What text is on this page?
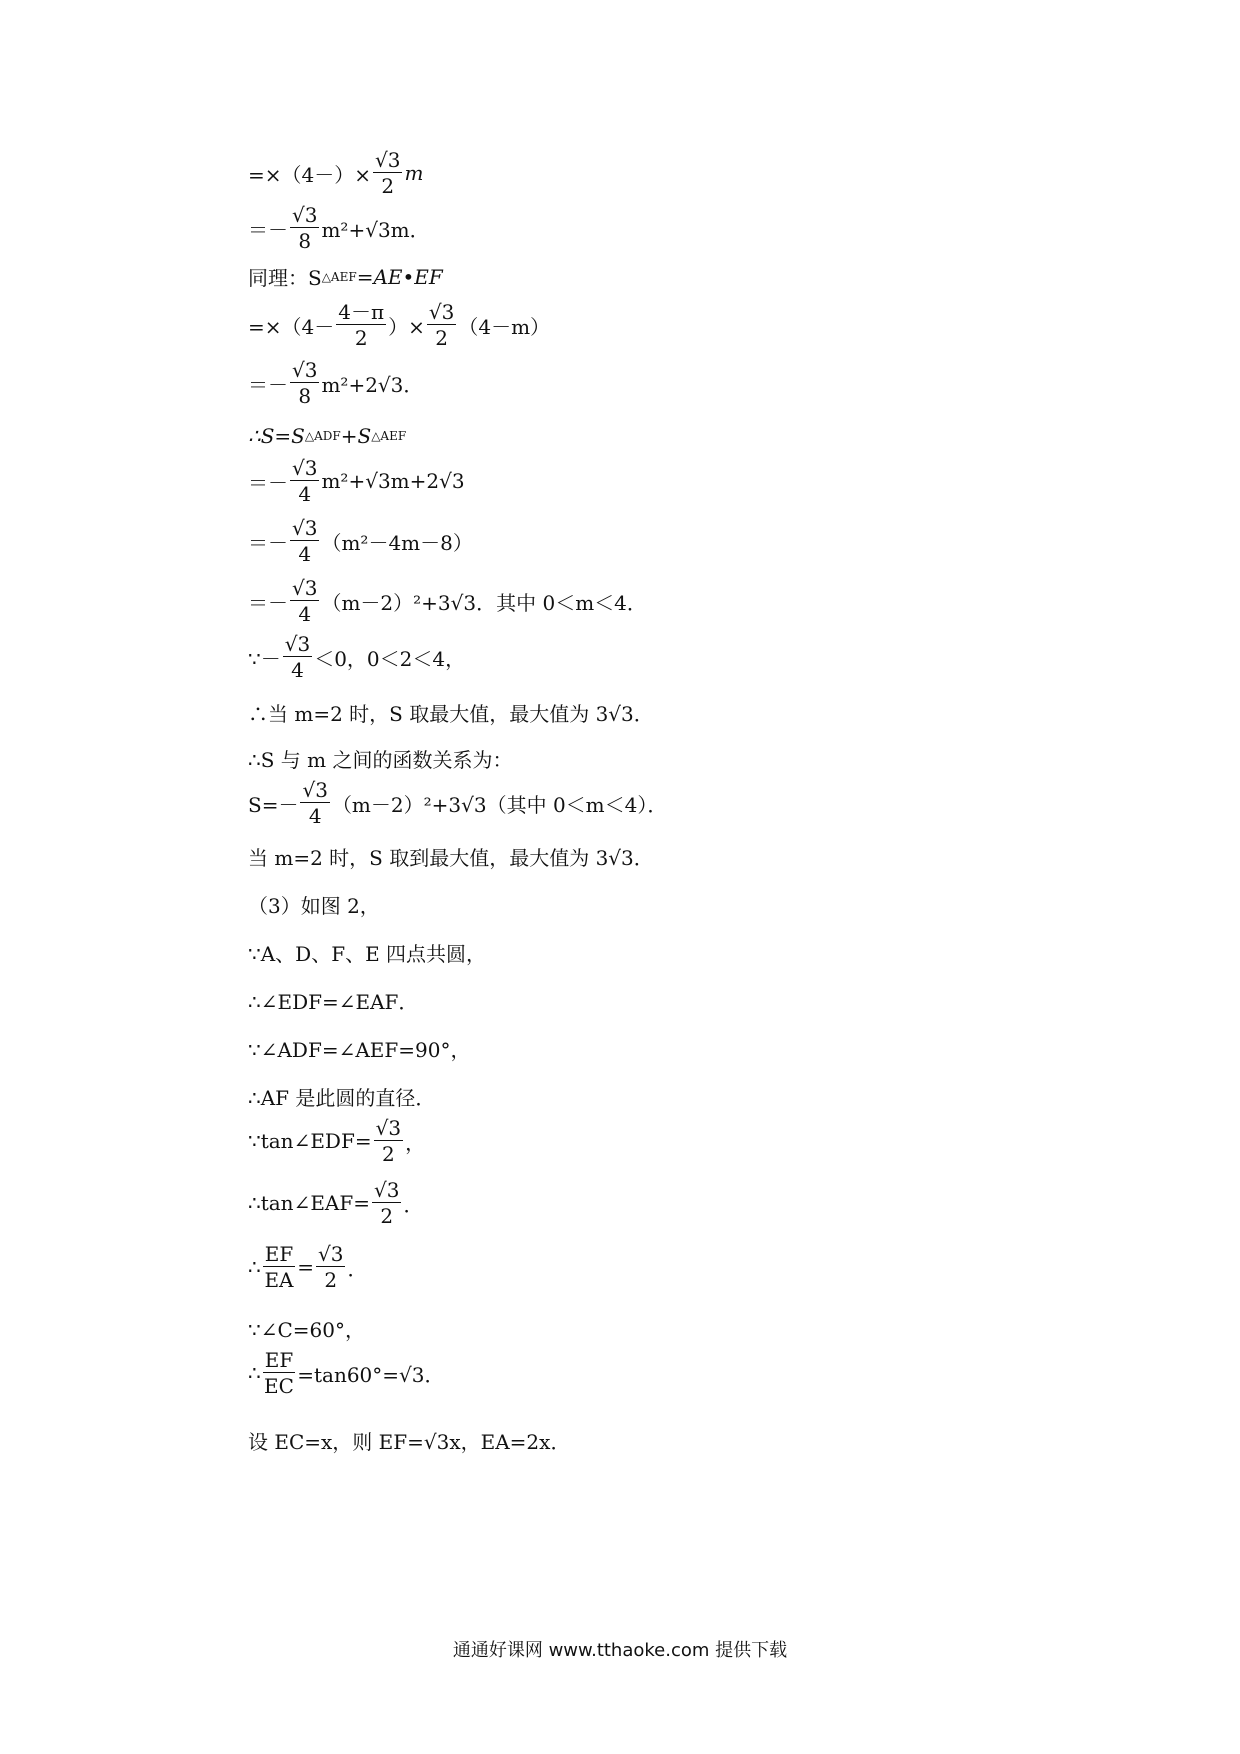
$=\times(4-)\times \frac{√3}{2}$ m
＝－ $\frac{√3}{8} m^2+√3m$．
同理：S △AEF =AE•EF
$=\times(4- \frac{4-\pi}{2}$ ）× $\frac{√3}{2} (4-m)$
＝－ $\frac{√3}{8} m^2+2√3$．
∴S=S △ADF +S △AEF
＝－ $\frac{√3}{4} m^2+√3m+2√3$
＝－ $\frac{√3}{4} (m^2-4m-8)$
＝－ $\frac{√3}{4} (m-2)^2+3√3$．其中 0＜m＜4．
∵－ $\frac{√3}{4} <0$，0＜2＜4，
∴当 m=2 时，S 取最大值，最大值为 3√3．
∴S 与 m 之间的函数关系为：
$S=- \frac{√3}{4} (m-2)^2+3√3$（其中 0＜m＜4）．
当 m=2 时，S 取到最大值，最大值为 3√3．
（3）如图 2，
∵A、D、F、E 四点共圆，
∴∠EDF=∠EAF．
∵∠ADF=∠AEF=90°，
∴AF 是此圆的直径．
∵tan∠EDF= $\frac{√3}{2}$ ，
∴tan∠EAF= $\frac{√3}{2}$ ．
∴ $\frac{EF}{EA} = \frac{√3}{2}$ ．
∵∠C=60°，
∴ $\frac{EF}{EC} =\tan 60^\circ=√3$．
设 EC=x，则 EF=√3x，EA=2x．
通通好课网 www.tthaoke.com 提供下载
